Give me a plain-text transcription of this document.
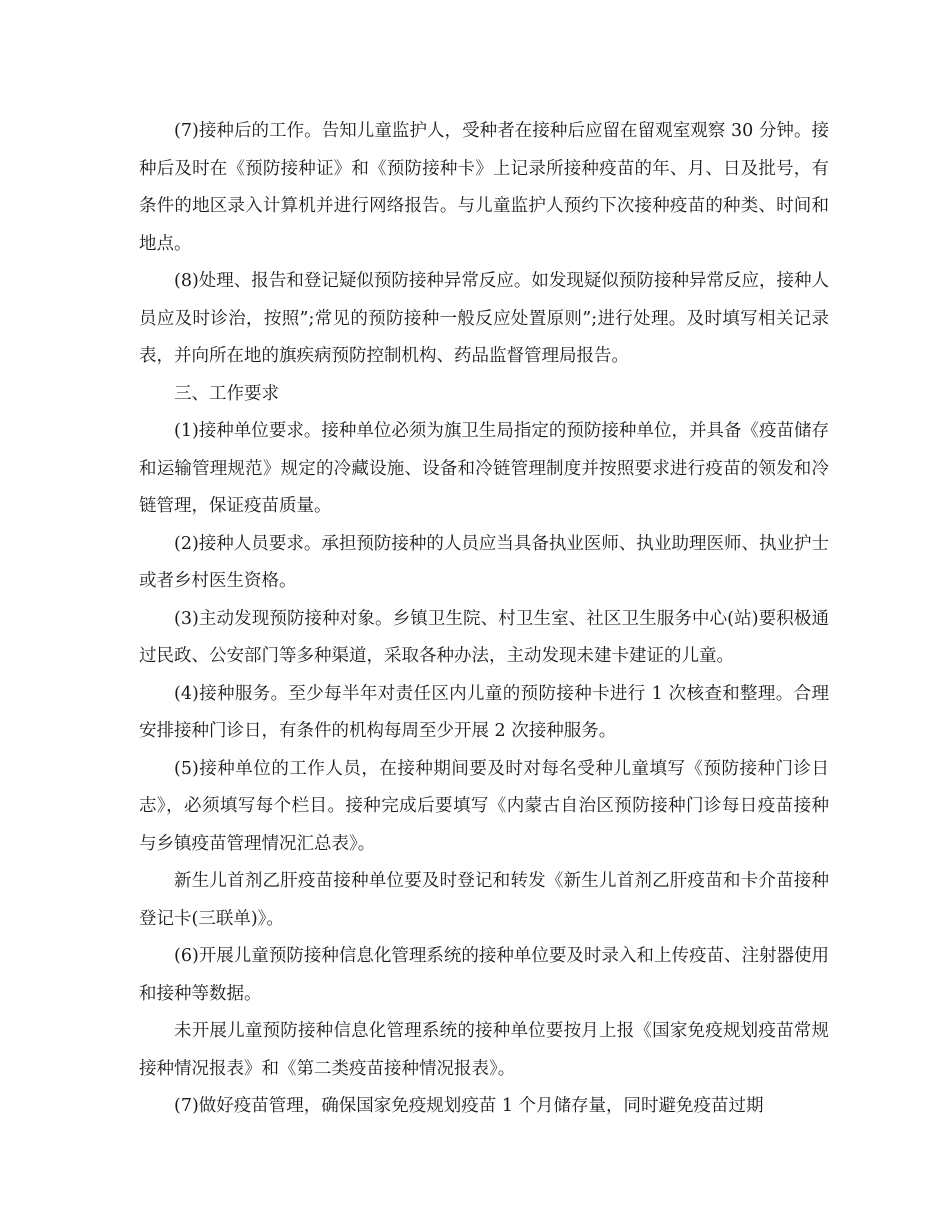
(7)接种后的工作。告知儿童监护人，受种者在接种后应留在留观室观察 30 分钟。接种后及时在《预防接种证》和《预防接种卡》上记录所接种疫苗的年、月、日及批号，有条件的地区录入计算机并进行网络报告。与儿童监护人预约下次接种疫苗的种类、时间和地点。

(8)处理、报告和登记疑似预防接种异常反应。如发现疑似预防接种异常反应，接种人员应及时诊治，按照”;常见的预防接种一般反应处置原则”;进行处理。及时填写相关记录表，并向所在地的旗疾病预防控制机构、药品监督管理局报告。

三、工作要求

(1)接种单位要求。接种单位必须为旗卫生局指定的预防接种单位，并具备《疫苗储存和运输管理规范》规定的冷藏设施、设备和冷链管理制度并按照要求进行疫苗的领发和冷链管理，保证疫苗质量。

(2)接种人员要求。承担预防接种的人员应当具备执业医师、执业助理医师、执业护士或者乡村医生资格。

(3)主动发现预防接种对象。乡镇卫生院、村卫生室、社区卫生服务中心(站)要积极通过民政、公安部门等多种渠道，采取各种办法，主动发现未建卡建证的儿童。

(4)接种服务。至少每半年对责任区内儿童的预防接种卡进行 1 次核查和整理。合理安排接种门诊日，有条件的机构每周至少开展 2 次接种服务。

(5)接种单位的工作人员，在接种期间要及时对每名受种儿童填写《预防接种门诊日志》，必须填写每个栏目。接种完成后要填写《内蒙古自治区预防接种门诊每日疫苗接种与乡镇疫苗管理情况汇总表》。

新生儿首剂乙肝疫苗接种单位要及时登记和转发《新生儿首剂乙肝疫苗和卡介苗接种登记卡(三联单)》。

(6)开展儿童预防接种信息化管理系统的接种单位要及时录入和上传疫苗、注射器使用和接种等数据。

未开展儿童预防接种信息化管理系统的接种单位要按月上报《国家免疫规划疫苗常规接种情况报表》和《第二类疫苗接种情况报表》。

(7)做好疫苗管理，确保国家免疫规划疫苗 1 个月储存量，同时避免疫苗过期
